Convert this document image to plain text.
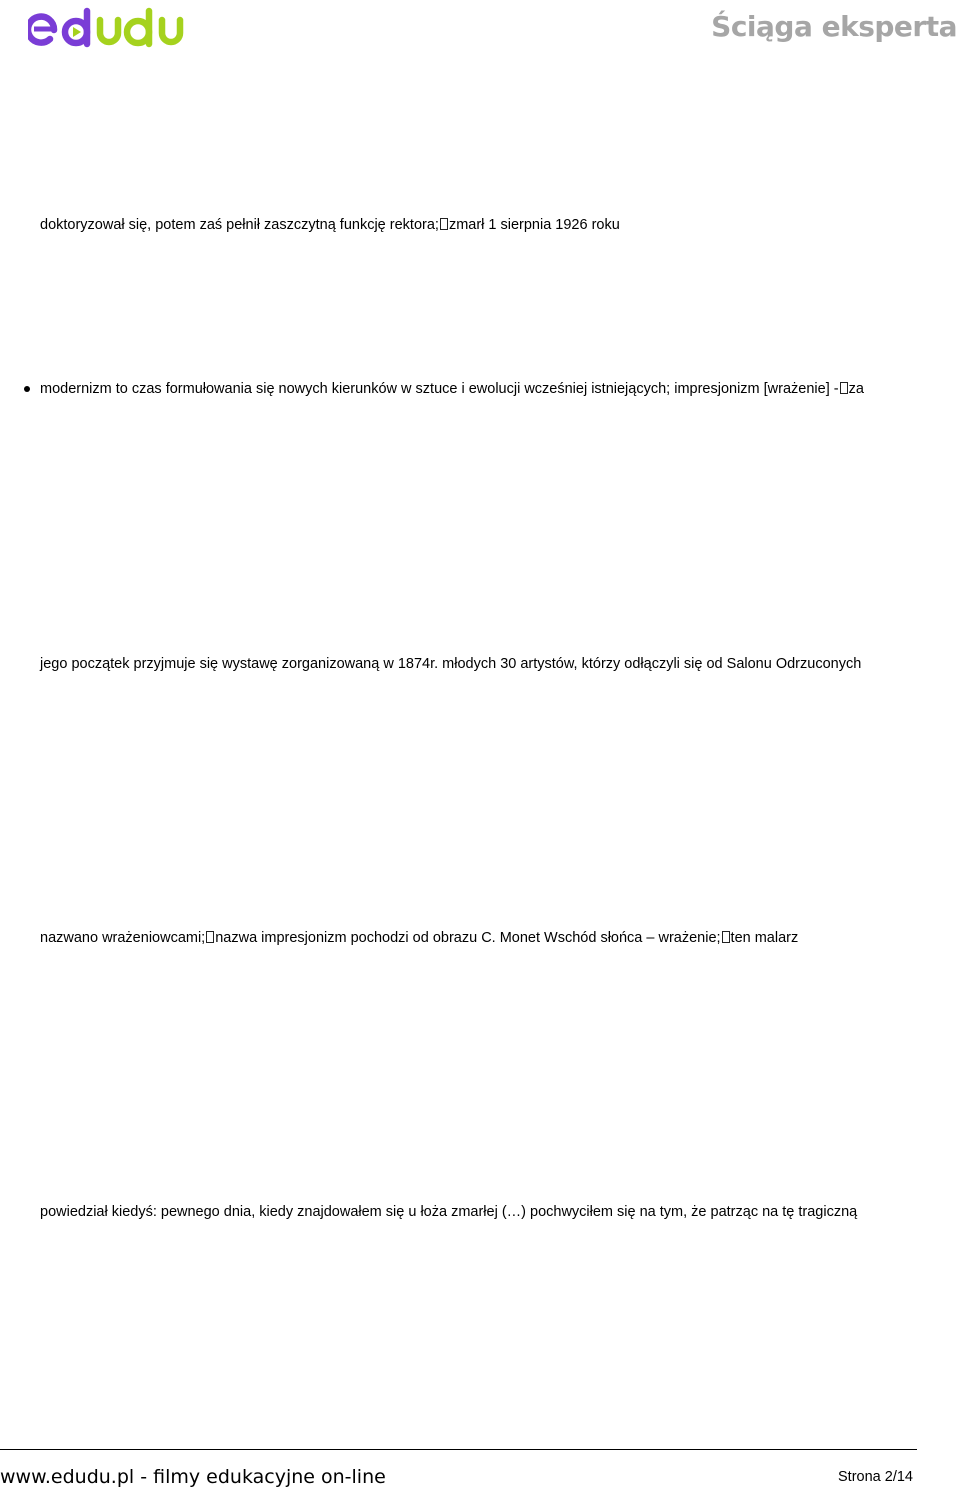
Ściąga eksperta
doktoryzował się, potem zaś pełnił zaszczytną funkcję rektora; zmarł 1 sierpnia 1926 roku
modernizm to czas formułowania się nowych kierunków w sztuce i ewolucji wcześniej istniejących; impresjonizm [wrażenie] - za
jego początek przyjmuje się wystawę zorganizowaną w 1874r. młodych 30 artystów, którzy odłączyli się od Salonu Odrzuconych
nazwano wrażeniowcami; nazwa impresjonizm pochodzi od obrazu C. Monet Wschód słońca – wrażenie; ten malarz
powiedział kiedyś: pewnego dnia, kiedy znajdowałem się u łoża zmarłej (…) pochwyciłem się na tym, że patrząc na tę tragiczną
www.edudu.pl - filmy edukacyjne on-line	Strona 2/14
